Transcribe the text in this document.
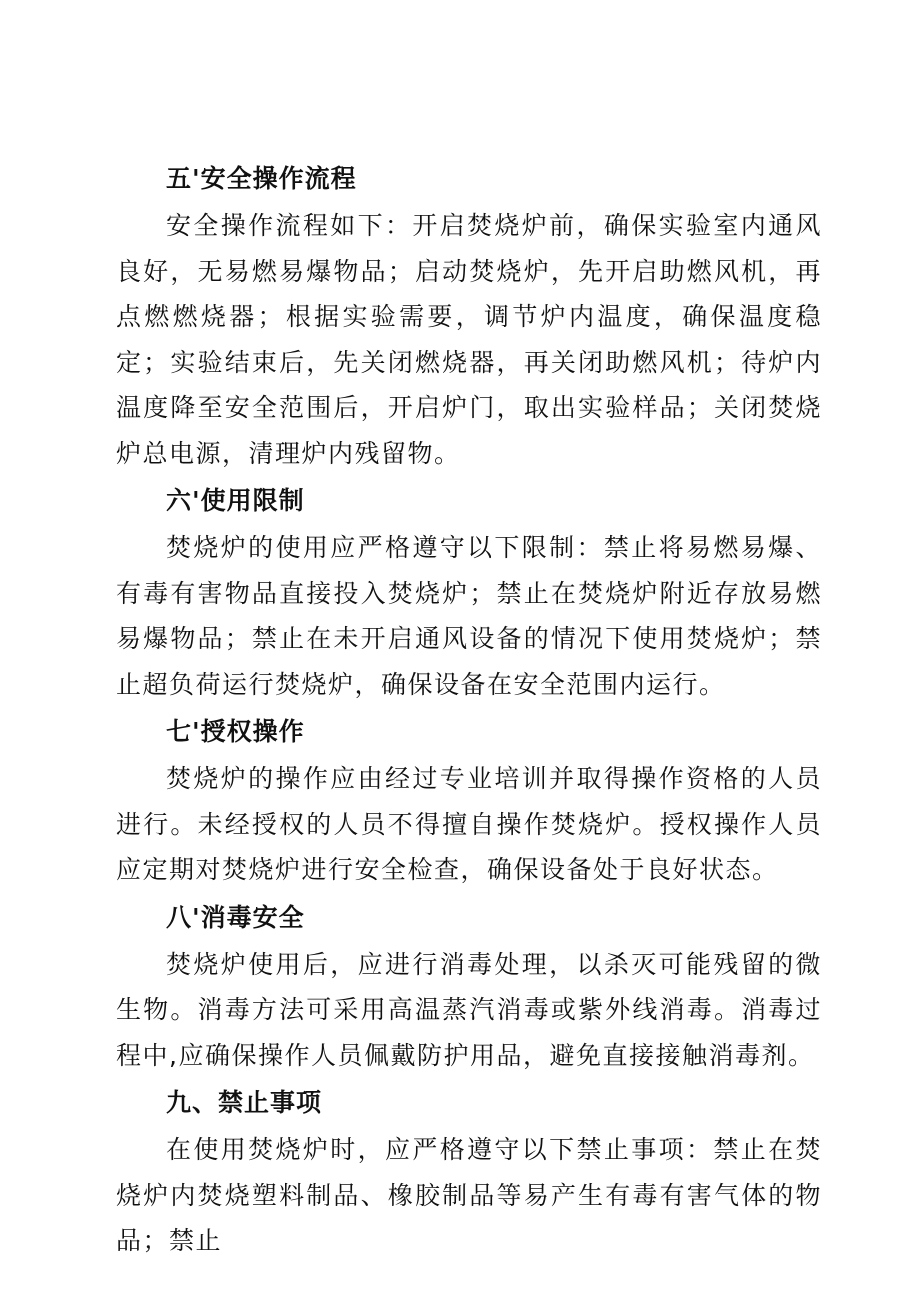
五'安全操作流程

安全操作流程如下：开启焚烧炉前，确保实验室内通风良好，无易燃易爆物品；启动焚烧炉，先开启助燃风机，再点燃燃烧器；根据实验需要，调节炉内温度，确保温度稳定；实验结束后，先关闭燃烧器，再关闭助燃风机；待炉内温度降至安全范围后，开启炉门，取出实验样品；关闭焚烧炉总电源，清理炉内残留物。

六'使用限制

焚烧炉的使用应严格遵守以下限制：禁止将易燃易爆、有毒有害物品直接投入焚烧炉；禁止在焚烧炉附近存放易燃易爆物品；禁止在未开启通风设备的情况下使用焚烧炉；禁止超负荷运行焚烧炉，确保设备在安全范围内运行。

七'授权操作

焚烧炉的操作应由经过专业培训并取得操作资格的人员进行。未经授权的人员不得擅自操作焚烧炉。授权操作人员应定期对焚烧炉进行安全检查，确保设备处于良好状态。

八'消毒安全

焚烧炉使用后，应进行消毒处理，以杀灭可能残留的微生物。消毒方法可采用高温蒸汽消毒或紫外线消毒。消毒过程中,应确保操作人员佩戴防护用品，避免直接接触消毒剂。

九、禁止事项

在使用焚烧炉时，应严格遵守以下禁止事项：禁止在焚烧炉内焚烧塑料制品、橡胶制品等易产生有毒有害气体的物品；禁止
